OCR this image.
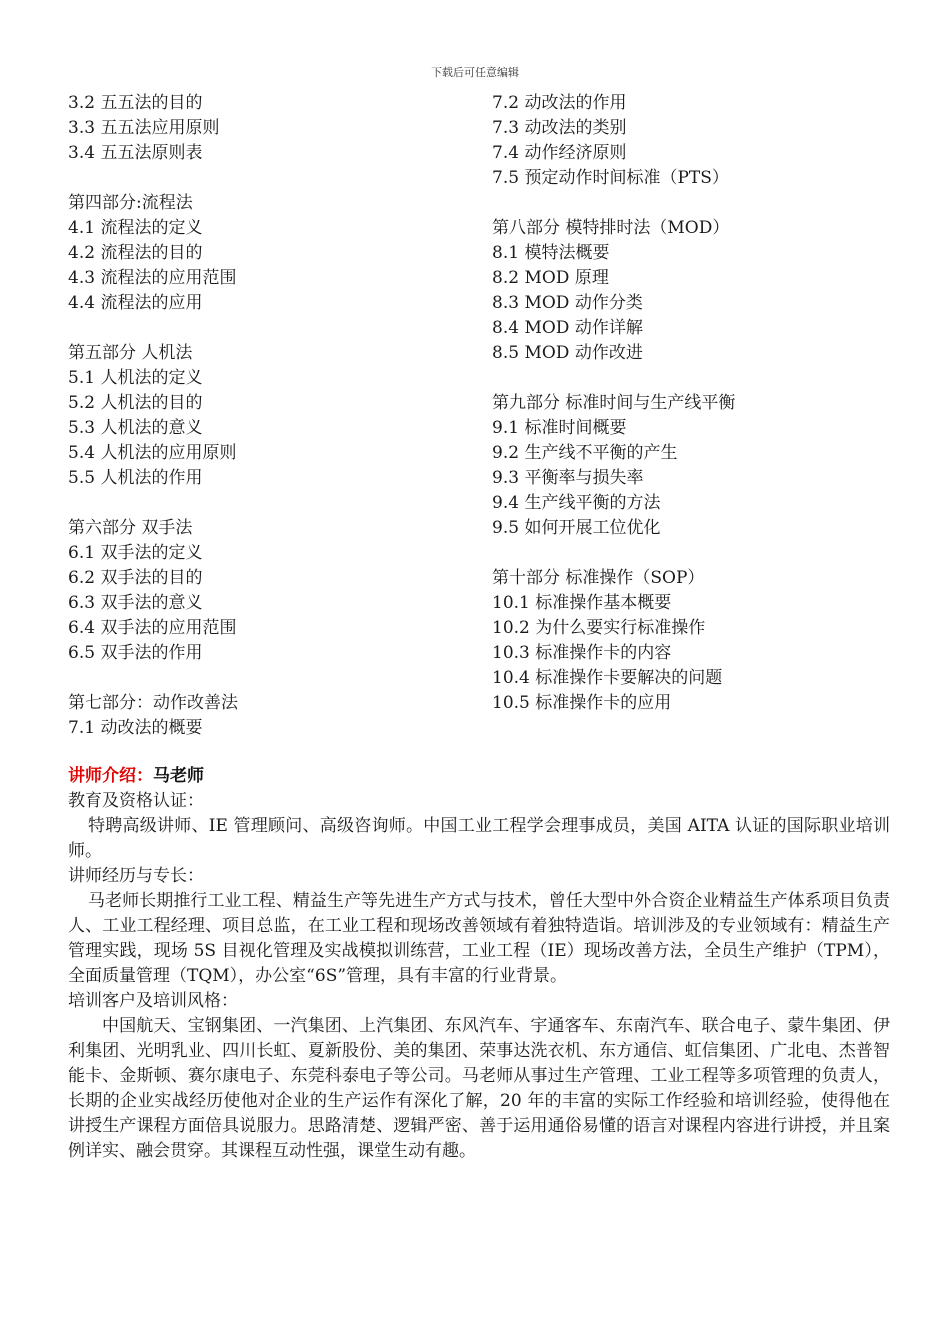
下载后可任意编辑
3.2 五五法的目的
3.3 五五法应用原则
3.4 五五法原则表
第四部分:流程法
4.1 流程法的定义
4.2 流程法的目的
4.3 流程法的应用范围
4.4 流程法的应用
第五部分 人机法
5.1 人机法的定义
5.2 人机法的目的
5.3 人机法的意义
5.4 人机法的应用原则
5.5 人机法的作用
第六部分 双手法
6.1 双手法的定义
6.2 双手法的目的
6.3 双手法的意义
6.4 双手法的应用范围
6.5 双手法的作用
第七部分：动作改善法
7.1 动改法的概要
7.2 动改法的作用
7.3 动改法的类别
7.4 动作经济原则
7.5 预定动作时间标准（PTS）
第八部分 模特排时法（MOD）
8.1 模特法概要
8.2 MOD 原理
8.3 MOD 动作分类
8.4 MOD 动作详解
8.5 MOD 动作改进
第九部分 标准时间与生产线平衡
9.1 标准时间概要
9.2 生产线不平衡的产生
9.3 平衡率与损失率
9.4 生产线平衡的方法
9.5 如何开展工位优化
第十部分 标准操作（SOP）
10.1 标准操作基本概要
10.2 为什么要实行标准操作
10.3 标准操作卡的内容
10.4 标准操作卡要解决的问题
10.5 标准操作卡的应用
讲师介绍：马老师
教育及资格认证：
特聘高级讲师、IE 管理顾问、高级咨询师。中国工业工程学会理事成员，美国 AITA 认证的国际职业培训师。
讲师经历与专长：
马老师长期推行工业工程、精益生产等先进生产方式与技术，曾任大型中外合资企业精益生产体系项目负责人、工业工程经理、项目总监，在工业工程和现场改善领域有着独特造诣。培训涉及的专业领域有：精益生产管理实践，现场 5S 目视化管理及实战模拟训练营，工业工程（IE）现场改善方法，全员生产维护（TPM），全面质量管理（TQM），办公室“6S”管理，具有丰富的行业背景。
培训客户及培训风格：
中国航天、宝钢集团、一汽集团、上汽集团、东风汽车、宇通客车、东南汽车、联合电子、蒙牛集团、伊利集团、光明乳业、四川长虹、夏新股份、美的集团、荣事达洗衣机、东方通信、虹信集团、广北电、杰普智能卡、金斯顿、赛尔康电子、东莞科泰电子等公司。马老师从事过生产管理、工业工程等多项管理的负责人，长期的企业实战经历使他对企业的生产运作有深化了解，20 年的丰富的实际工作经验和培训经验，使得他在讲授生产课程方面倍具说服力。思路清楚、逻辑严密、善于运用通俗易懂的语言对课程内容进行讲授，并且案例详实、融会贯穿。其课程互动性强，课堂生动有趣。
